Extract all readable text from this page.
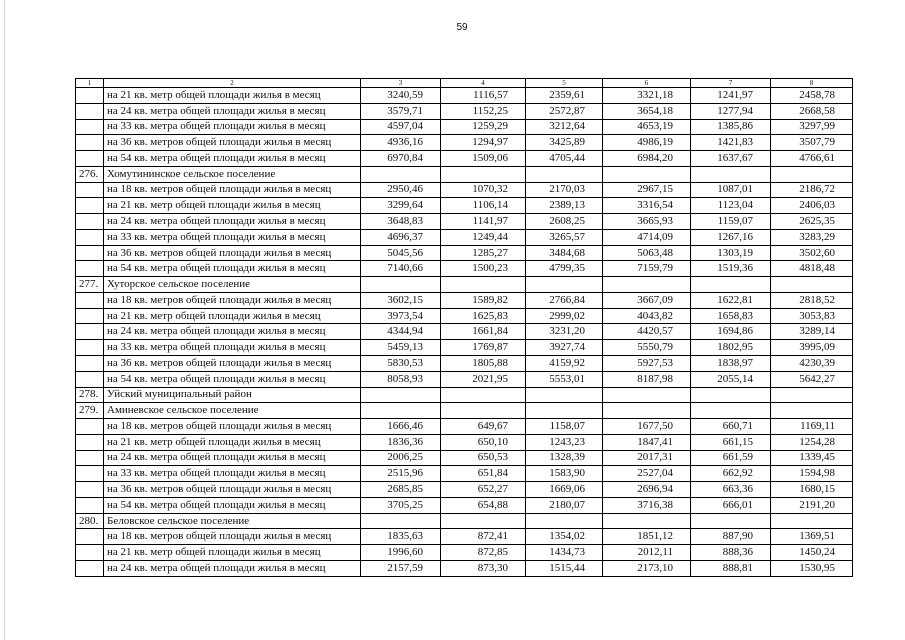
59
1	2	3	4	5	6	7	8
	на 21 кв. метр общей площади жилья в месяц	3240,59	1116,57	2359,61	3321,18	1241,97	2458,78
	на 24 кв. метра общей площади жилья в месяц	3579,71	1152,25	2572,87	3654,18	1277,94	2668,58
	на 33 кв. метра общей площади жилья в месяц	4597,04	1259,29	3212,64	4653,19	1385,86	3297,99
	на 36 кв. метров общей площади жилья в месяц	4936,16	1294,97	3425,89	4986,19	1421,83	3507,79
	на 54 кв. метра общей площади жилья в месяц	6970,84	1509,06	4705,44	6984,20	1637,67	4766,61
276.	Хомутининское сельское поселение						
	на 18 кв. метров общей площади жилья в месяц	2950,46	1070,32	2170,03	2967,15	1087,01	2186,72
	на 21 кв. метр общей площади жилья в месяц	3299,64	1106,14	2389,13	3316,54	1123,04	2406,03
	на 24 кв. метра общей площади жилья в месяц	3648,83	1141,97	2608,25	3665,93	1159,07	2625,35
	на 33 кв. метра общей площади жилья в месяц	4696,37	1249,44	3265,57	4714,09	1267,16	3283,29
	на 36 кв. метров общей площади жилья в месяц	5045,56	1285,27	3484,68	5063,48	1303,19	3502,60
	на 54 кв. метра общей площади жилья в месяц	7140,66	1500,23	4799,35	7159,79	1519,36	4818,48
277.	Хуторское сельское поселение						
	на 18 кв. метров общей площади жилья в месяц	3602,15	1589,82	2766,84	3667,09	1622,81	2818,52
	на 21 кв. метр общей площади жилья в месяц	3973,54	1625,83	2999,02	4043,82	1658,83	3053,83
	на 24 кв. метра общей площади жилья в месяц	4344,94	1661,84	3231,20	4420,57	1694,86	3289,14
	на 33 кв. метра общей площади жилья в месяц	5459,13	1769,87	3927,74	5550,79	1802,95	3995,09
	на 36 кв. метров общей площади жилья в месяц	5830,53	1805,88	4159,92	5927,53	1838,97	4230,39
	на 54 кв. метра общей площади жилья в месяц	8058,93	2021,95	5553,01	8187,98	2055,14	5642,27
278.	Уйский муниципальный район						
279.	Аминевское сельское поселение						
	на 18 кв. метров общей площади жилья в месяц	1666,46	649,67	1158,07	1677,50	660,71	1169,11
	на 21 кв. метр общей площади жилья в месяц	1836,36	650,10	1243,23	1847,41	661,15	1254,28
	на 24 кв. метра общей площади жилья в месяц	2006,25	650,53	1328,39	2017,31	661,59	1339,45
	на 33 кв. метра общей площади жилья в месяц	2515,96	651,84	1583,90	2527,04	662,92	1594,98
	на 36 кв. метров общей площади жилья в месяц	2685,85	652,27	1669,06	2696,94	663,36	1680,15
	на 54 кв. метра общей площади жилья в месяц	3705,25	654,88	2180,07	3716,38	666,01	2191,20
280.	Беловское сельское поселение						
	на 18 кв. метров общей площади жилья в месяц	1835,63	872,41	1354,02	1851,12	887,90	1369,51
	на 21 кв. метр общей площади жилья в месяц	1996,60	872,85	1434,73	2012,11	888,36	1450,24
	на 24 кв. метра общей площади жилья в месяц	2157,59	873,30	1515,44	2173,10	888,81	1530,95
